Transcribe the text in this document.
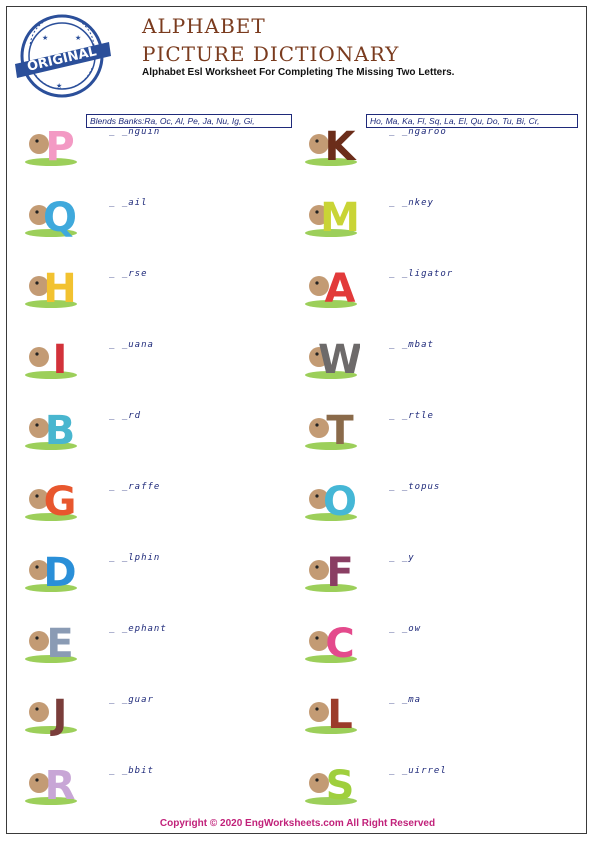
ORIGINAL
★	★
★
ALPHABET
PICTURE DICTIONARY
Alphabet Esl Worksheet For Completing The Missing Two Letters.
Blends Banks:Ra, Oc, Al, Pe, Ja, Nu, Ig, Gi,	Ho, Ma, Ka, Fl, Sq, La, El, Qu, Do, Tu, Bi, Cr,
P	_ _nguin
Q	_ _ail
H	_ _rse
I	_ _uana
B	_ _rd
G	_ _raffe
D	_ _lphin
E	_ _ephant
J	_ _guar
R	_ _bbit
K	_ _ngaroo
M	_ _nkey
A	_ _ligator
W	_ _mbat
T	_ _rtle
O	_ _topus
F	_ _y
C	_ _ow
L	_ _ma
S	_ _uirrel
Copyright © 2020 EngWorksheets.com All Right Reserved
